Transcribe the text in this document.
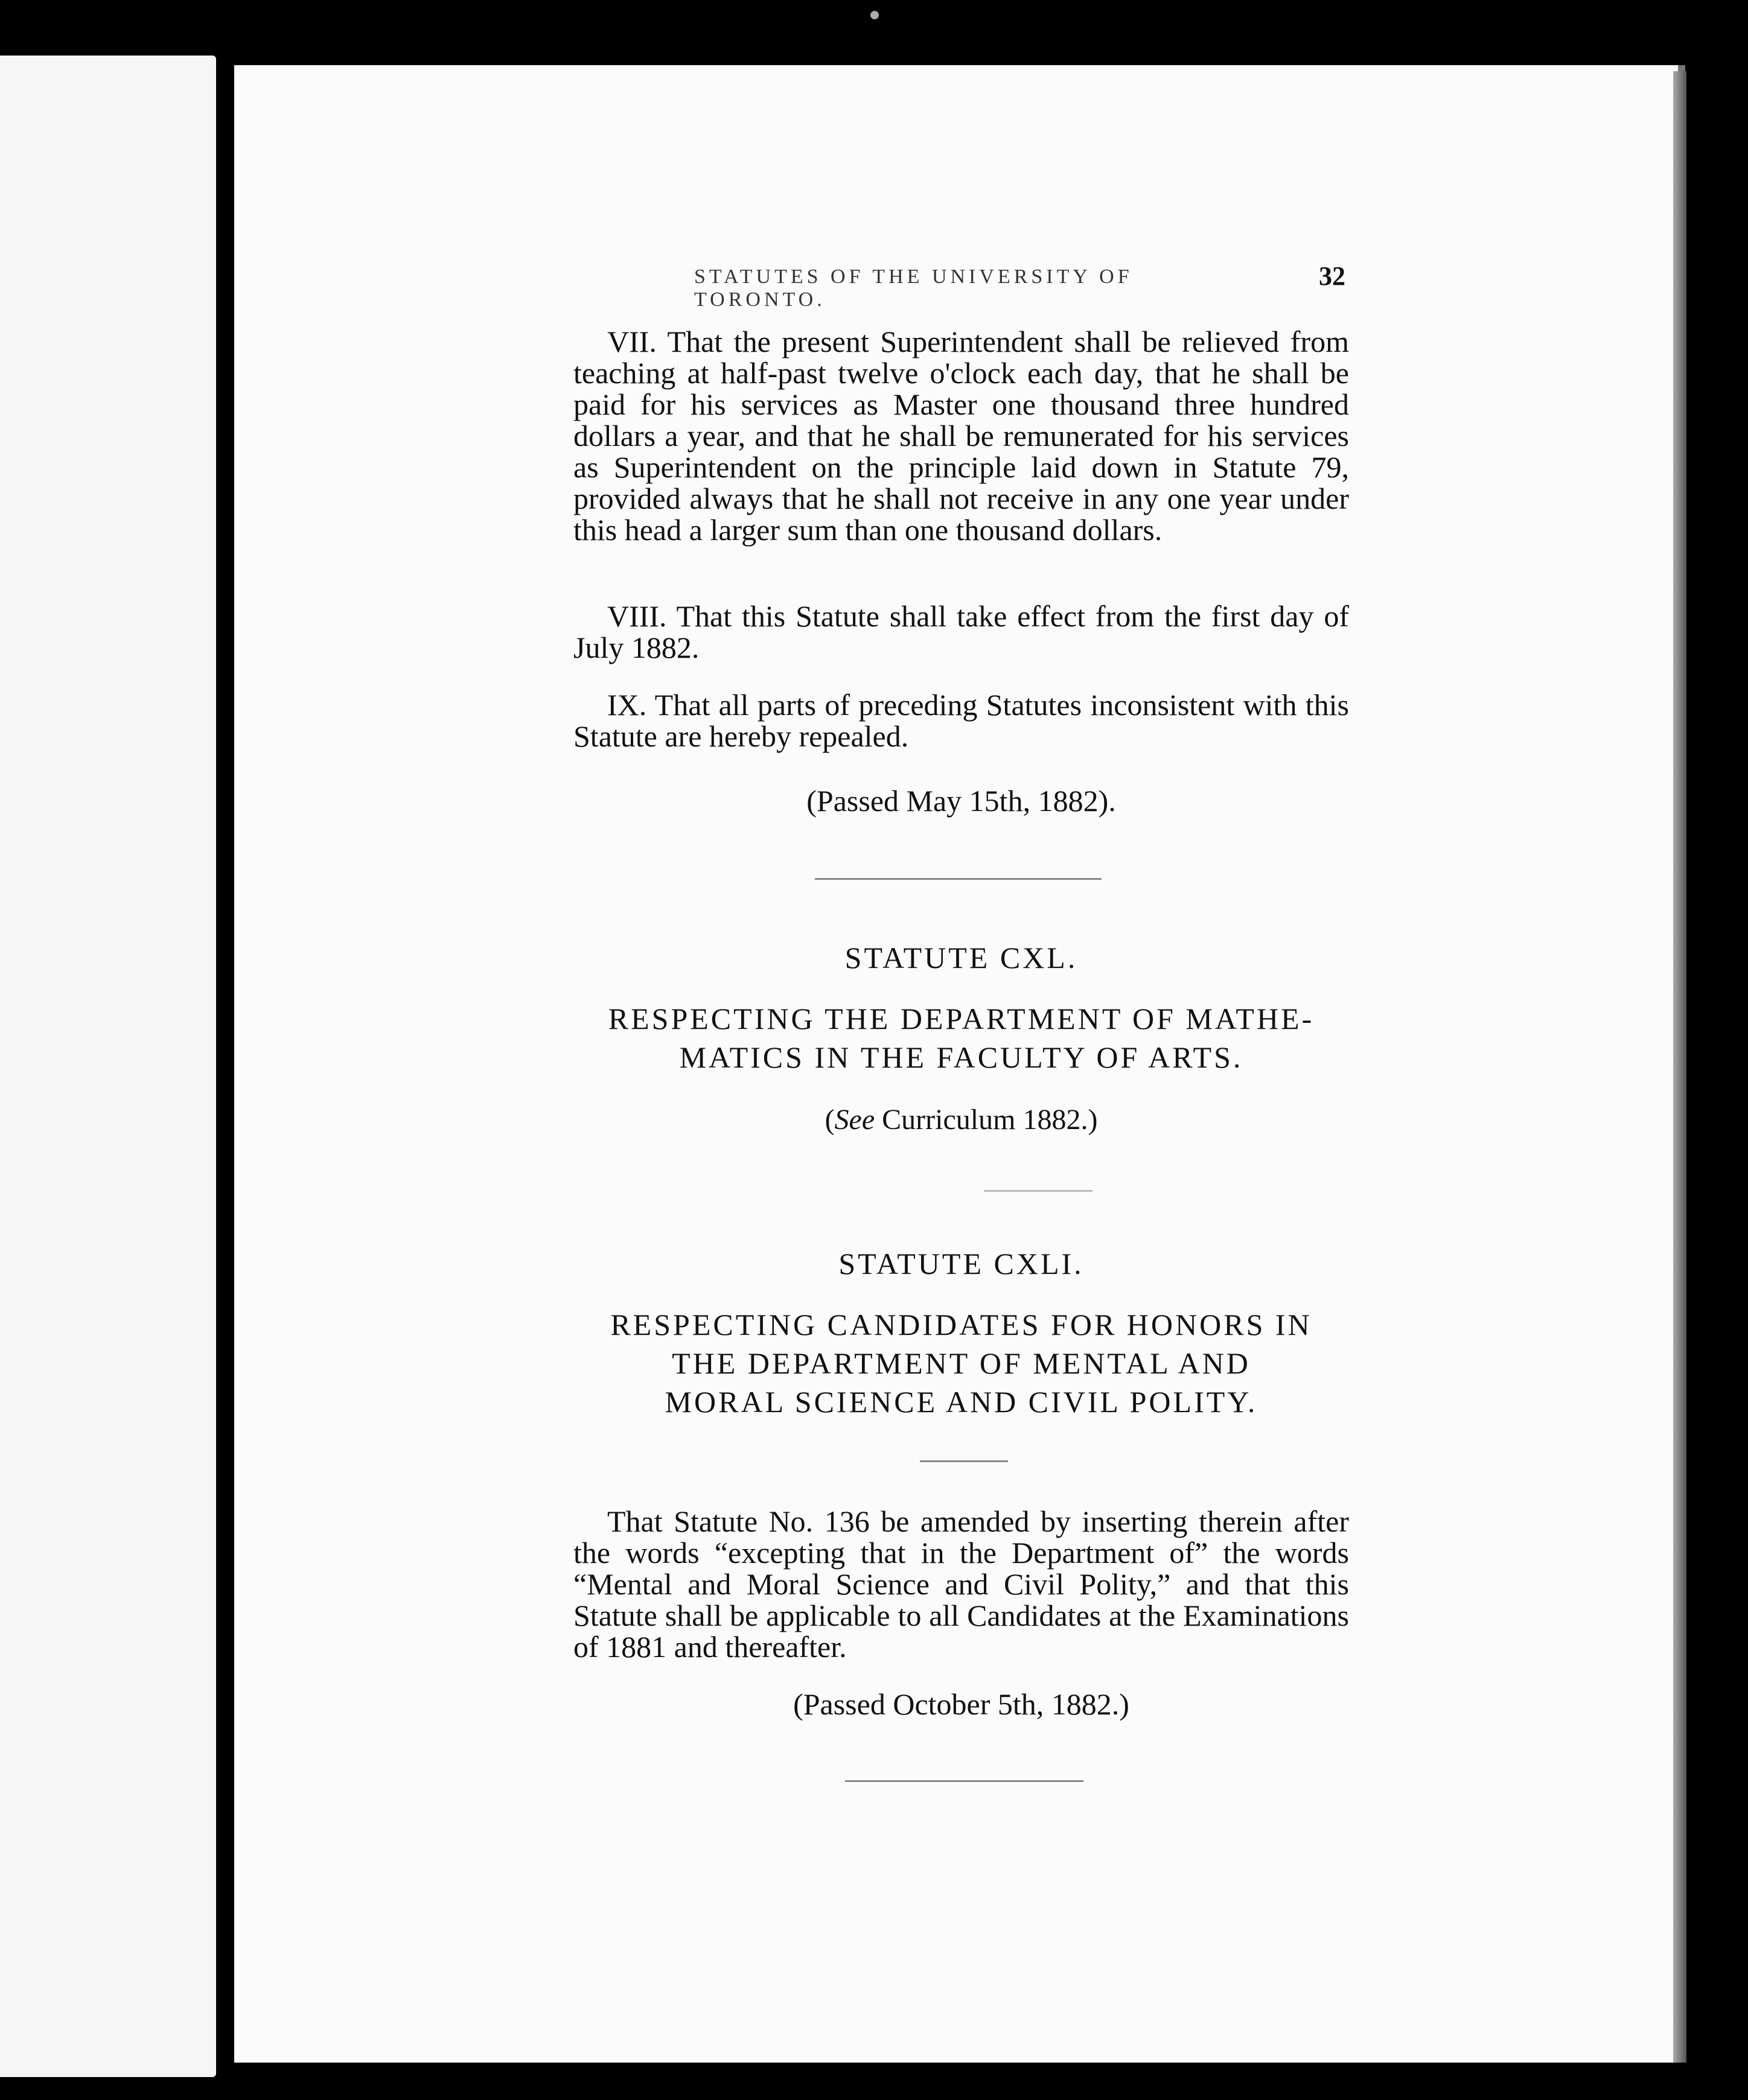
STATUTES OF THE UNIVERSITY OF TORONTO.
32

VII. That the present Superintendent shall be relieved from teaching at half-past twelve o'clock each day, that he shall be paid for his services as Master one thousand three hundred dollars a year, and that he shall be remunerated for his services as Superintendent on the principle laid down in Statute 79, provided always that he shall not receive in any one year under this head a larger sum than one thousand dollars.

VIII. That this Statute shall take effect from the first day of July 1882.

IX. That all parts of preceding Statutes inconsistent with this Statute are hereby repealed.

(Passed May 15th, 1882).

STATUTE CXL.

RESPECTING THE DEPARTMENT OF MATHE-

MATICS IN THE FACULTY OF ARTS.

(See Curriculum 1882.)

STATUTE CXLI.

RESPECTING CANDIDATES FOR HONORS IN

THE DEPARTMENT OF MENTAL AND

MORAL SCIENCE AND CIVIL POLITY.

That Statute No. 136 be amended by inserting therein after the words “excepting that in the Department of” the words “Mental and Moral Science and Civil Polity,” and that this Statute shall be applicable to all Candidates at the Examinations of 1881 and thereafter.

(Passed October 5th, 1882.)
